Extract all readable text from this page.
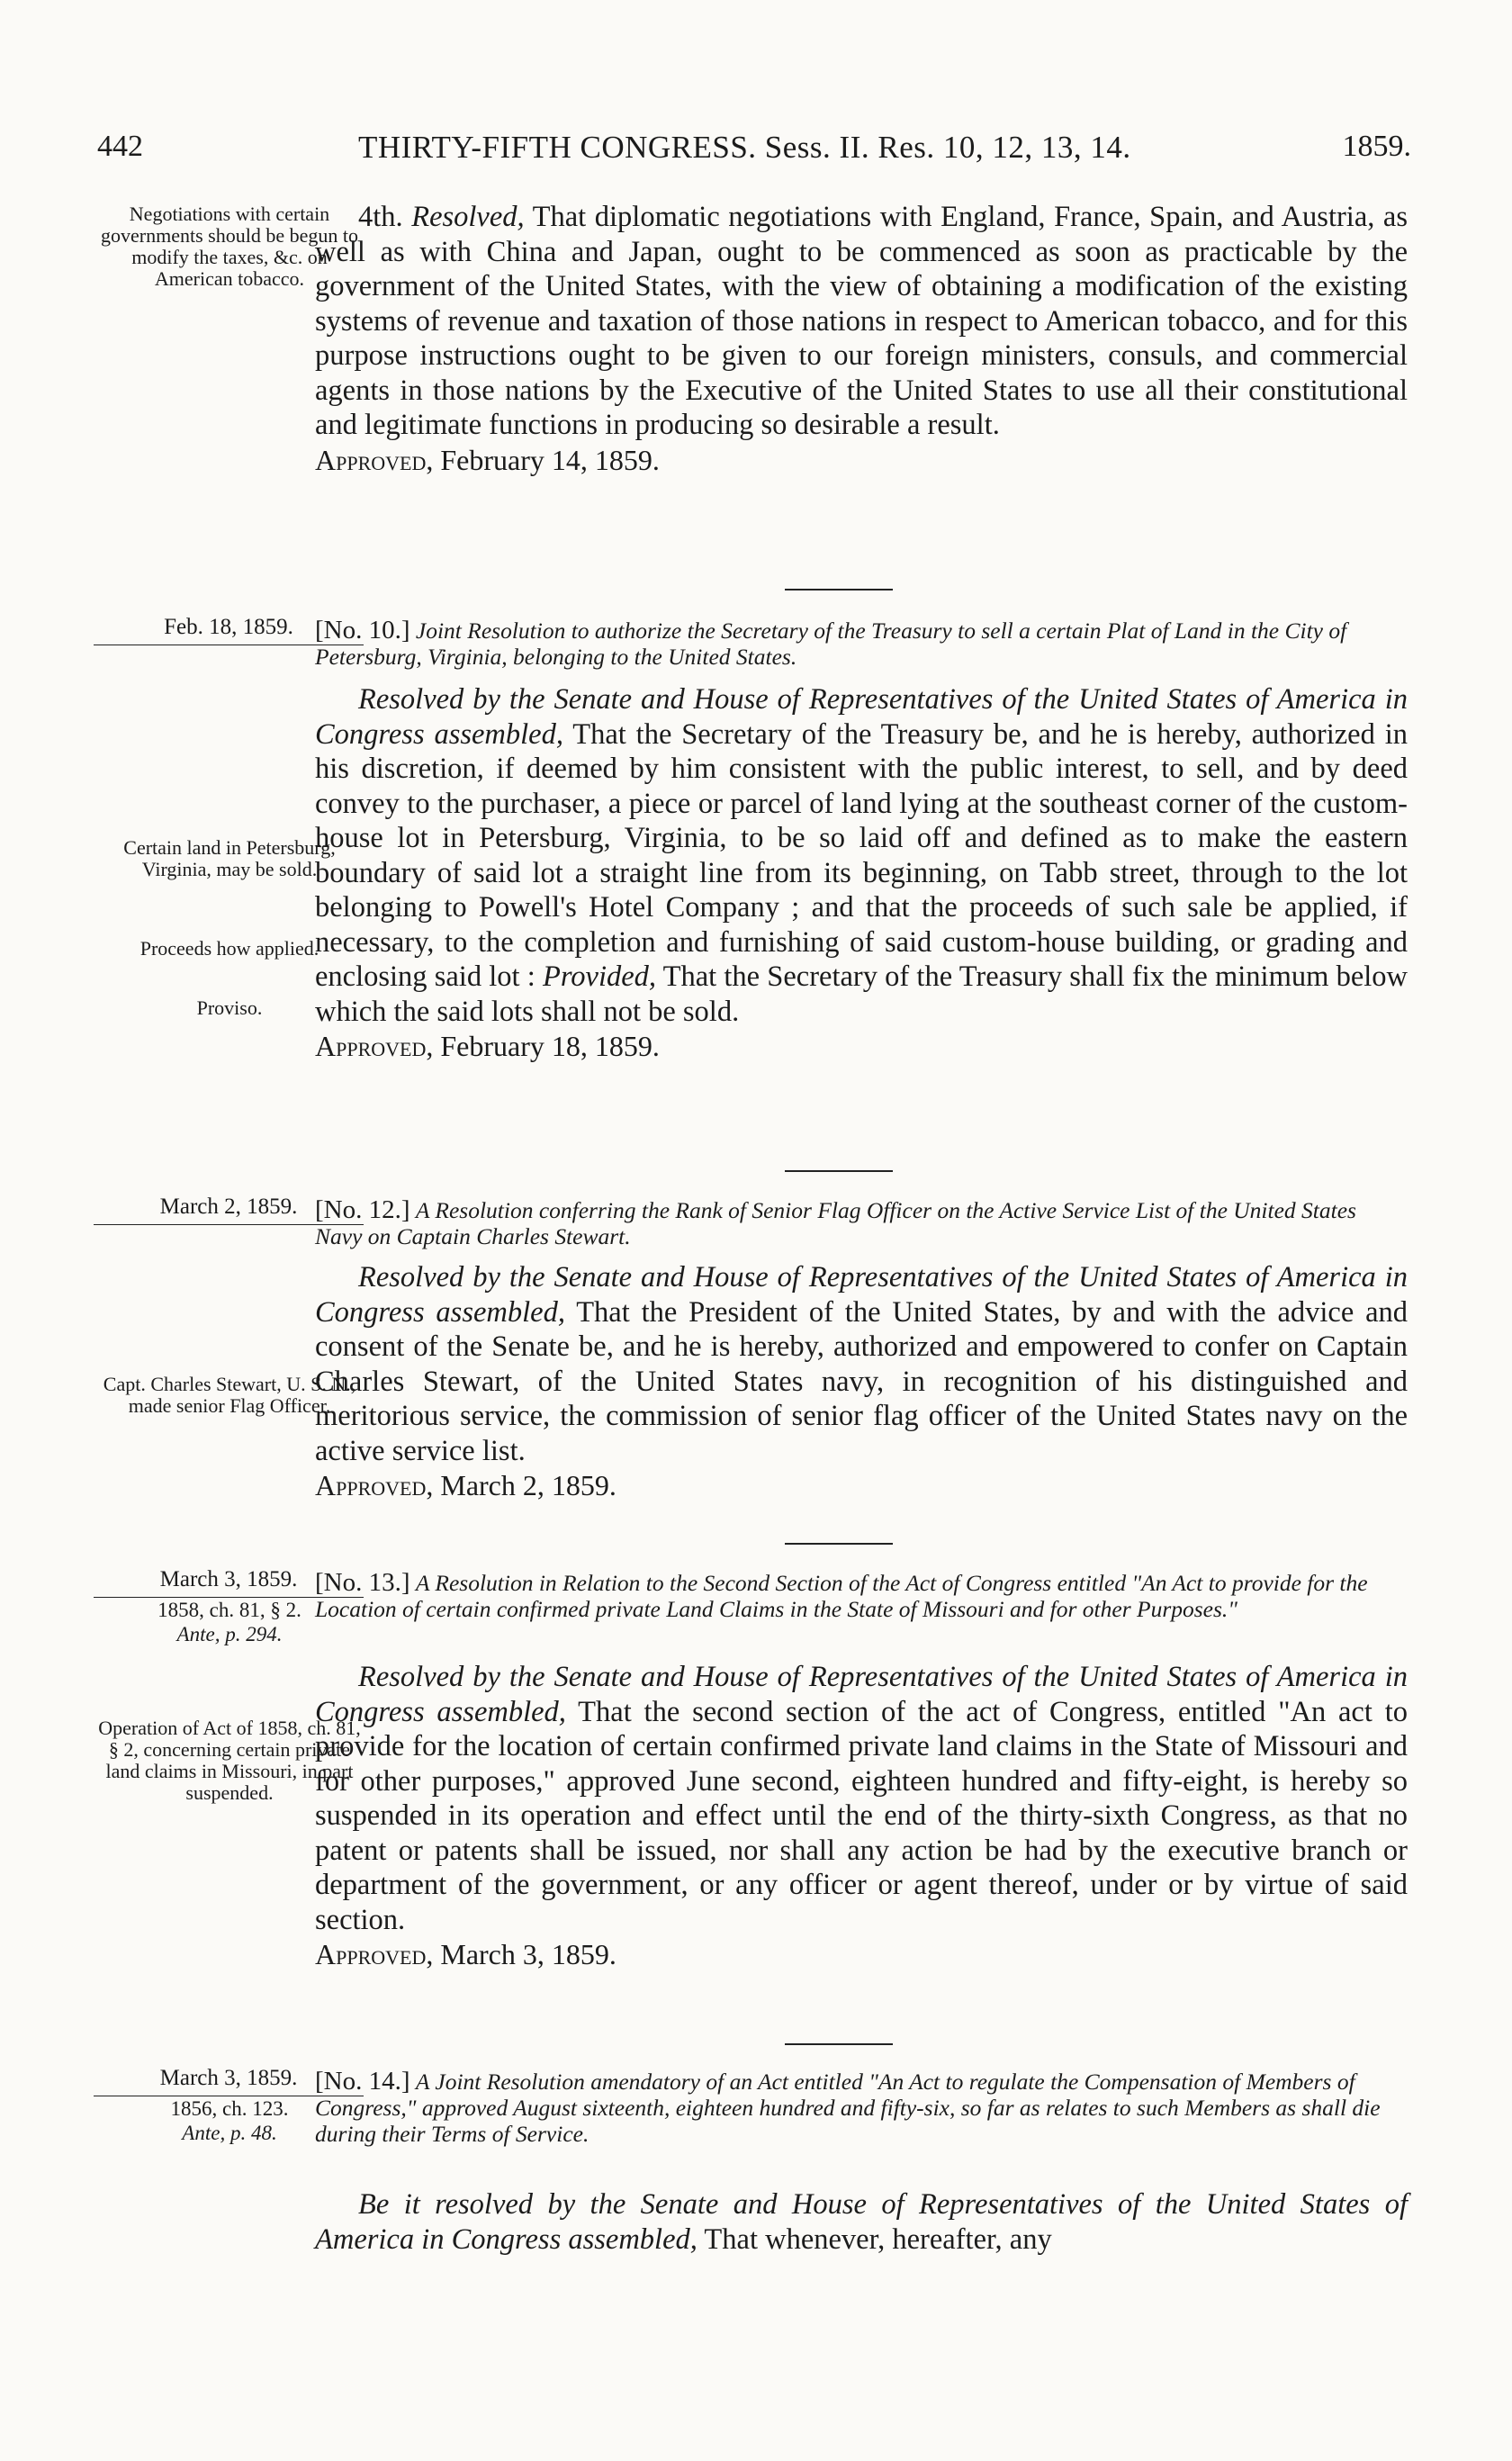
442	THIRTY-FIFTH CONGRESS. Sess. II. Res. 10, 12, 13, 14.	1859.
Negotiations with certain governments should be begun to modify the taxes, &c. on American tobacco.

4th. Resolved, That diplomatic negotiations with England, France, Spain, and Austria, as well as with China and Japan, ought to be commenced as soon as practicable by the government of the United States, with the view of obtaining a modification of the existing systems of revenue and taxation of those nations in respect to American tobacco, and for this purpose instructions ought to be given to our foreign ministers, consuls, and commercial agents in those nations by the Executive of the United States to use all their constitutional and legitimate functions in producing so desirable a result.

Approved, February 14, 1859.

Feb. 18, 1859. [No. 10.] Joint Resolution to authorize the Secretary of the Treasury to sell a certain Plat of Land in the City of Petersburg, Virginia, belonging to the United States.

Resolved by the Senate and House of Representatives of the United States of America in Congress assembled, That the Secretary of the Treasury be, and he is hereby, authorized in his discretion, if deemed by him consistent with the public interest, to sell, and by deed convey to the purchaser, a piece or parcel of land lying at the southeast corner of the custom-house lot in Petersburg, Virginia, to be so laid off and defined as to make the eastern boundary of said lot a straight line from its beginning, on Tabb street, through to the lot belonging to Powell's Hotel Company ; and that the proceeds of such sale be applied, if necessary, to the completion and furnishing of said custom-house building, or grading and enclosing said lot : Provided, That the Secretary of the Treasury shall fix the minimum below which the said lots shall not be sold.

Approved, February 18, 1859.

Certain land in Petersburg, Virginia, may be sold.
Proceeds how applied.
Proviso.
March 2, 1859. [No. 12.] A Resolution conferring the Rank of Senior Flag Officer on the Active Service List of the United States Navy on Captain Charles Stewart.

Resolved by the Senate and House of Representatives of the United States of America in Congress assembled, That the President of the United States, by and with the advice and consent of the Senate be, and he is hereby, authorized and empowered to confer on Captain Charles Stewart, of the United States navy, in recognition of his distinguished and meritorious service, the commission of senior flag officer of the United States navy on the active service list.

Approved, March 2, 1859.

Capt. Charles Stewart, U. S. N., made senior Flag Officer.
March 3, 1859.
1858, ch. 81, § 2.
Ante, p. 294.
[No. 13.] A Resolution in Relation to the Second Section of the Act of Congress entitled "An Act to provide for the Location of certain confirmed private Land Claims in the State of Missouri and for other Purposes."

Resolved by the Senate and House of Representatives of the United States of America in Congress assembled, That the second section of the act of Congress, entitled "An act to provide for the location of certain confirmed private land claims in the State of Missouri and for other purposes," approved June second, eighteen hundred and fifty-eight, is hereby so suspended in its operation and effect until the end of the thirty-sixth Congress, as that no patent or patents shall be issued, nor shall any action be had by the executive branch or department of the government, or any officer or agent thereof, under or by virtue of said section.

Approved, March 3, 1859.

Operation of Act of 1858, ch. 81, § 2, concerning certain private land claims in Missouri, in part suspended.
March 3, 1859.
1856, ch. 123.
Ante, p. 48.
[No. 14.] A Joint Resolution amendatory of an Act entitled "An Act to regulate the Compensation of Members of Congress," approved August sixteenth, eighteen hundred and fifty-six, so far as relates to such Members as shall die during their Terms of Service.

Be it resolved by the Senate and House of Representatives of the United States of America in Congress assembled, That whenever, hereafter, any
